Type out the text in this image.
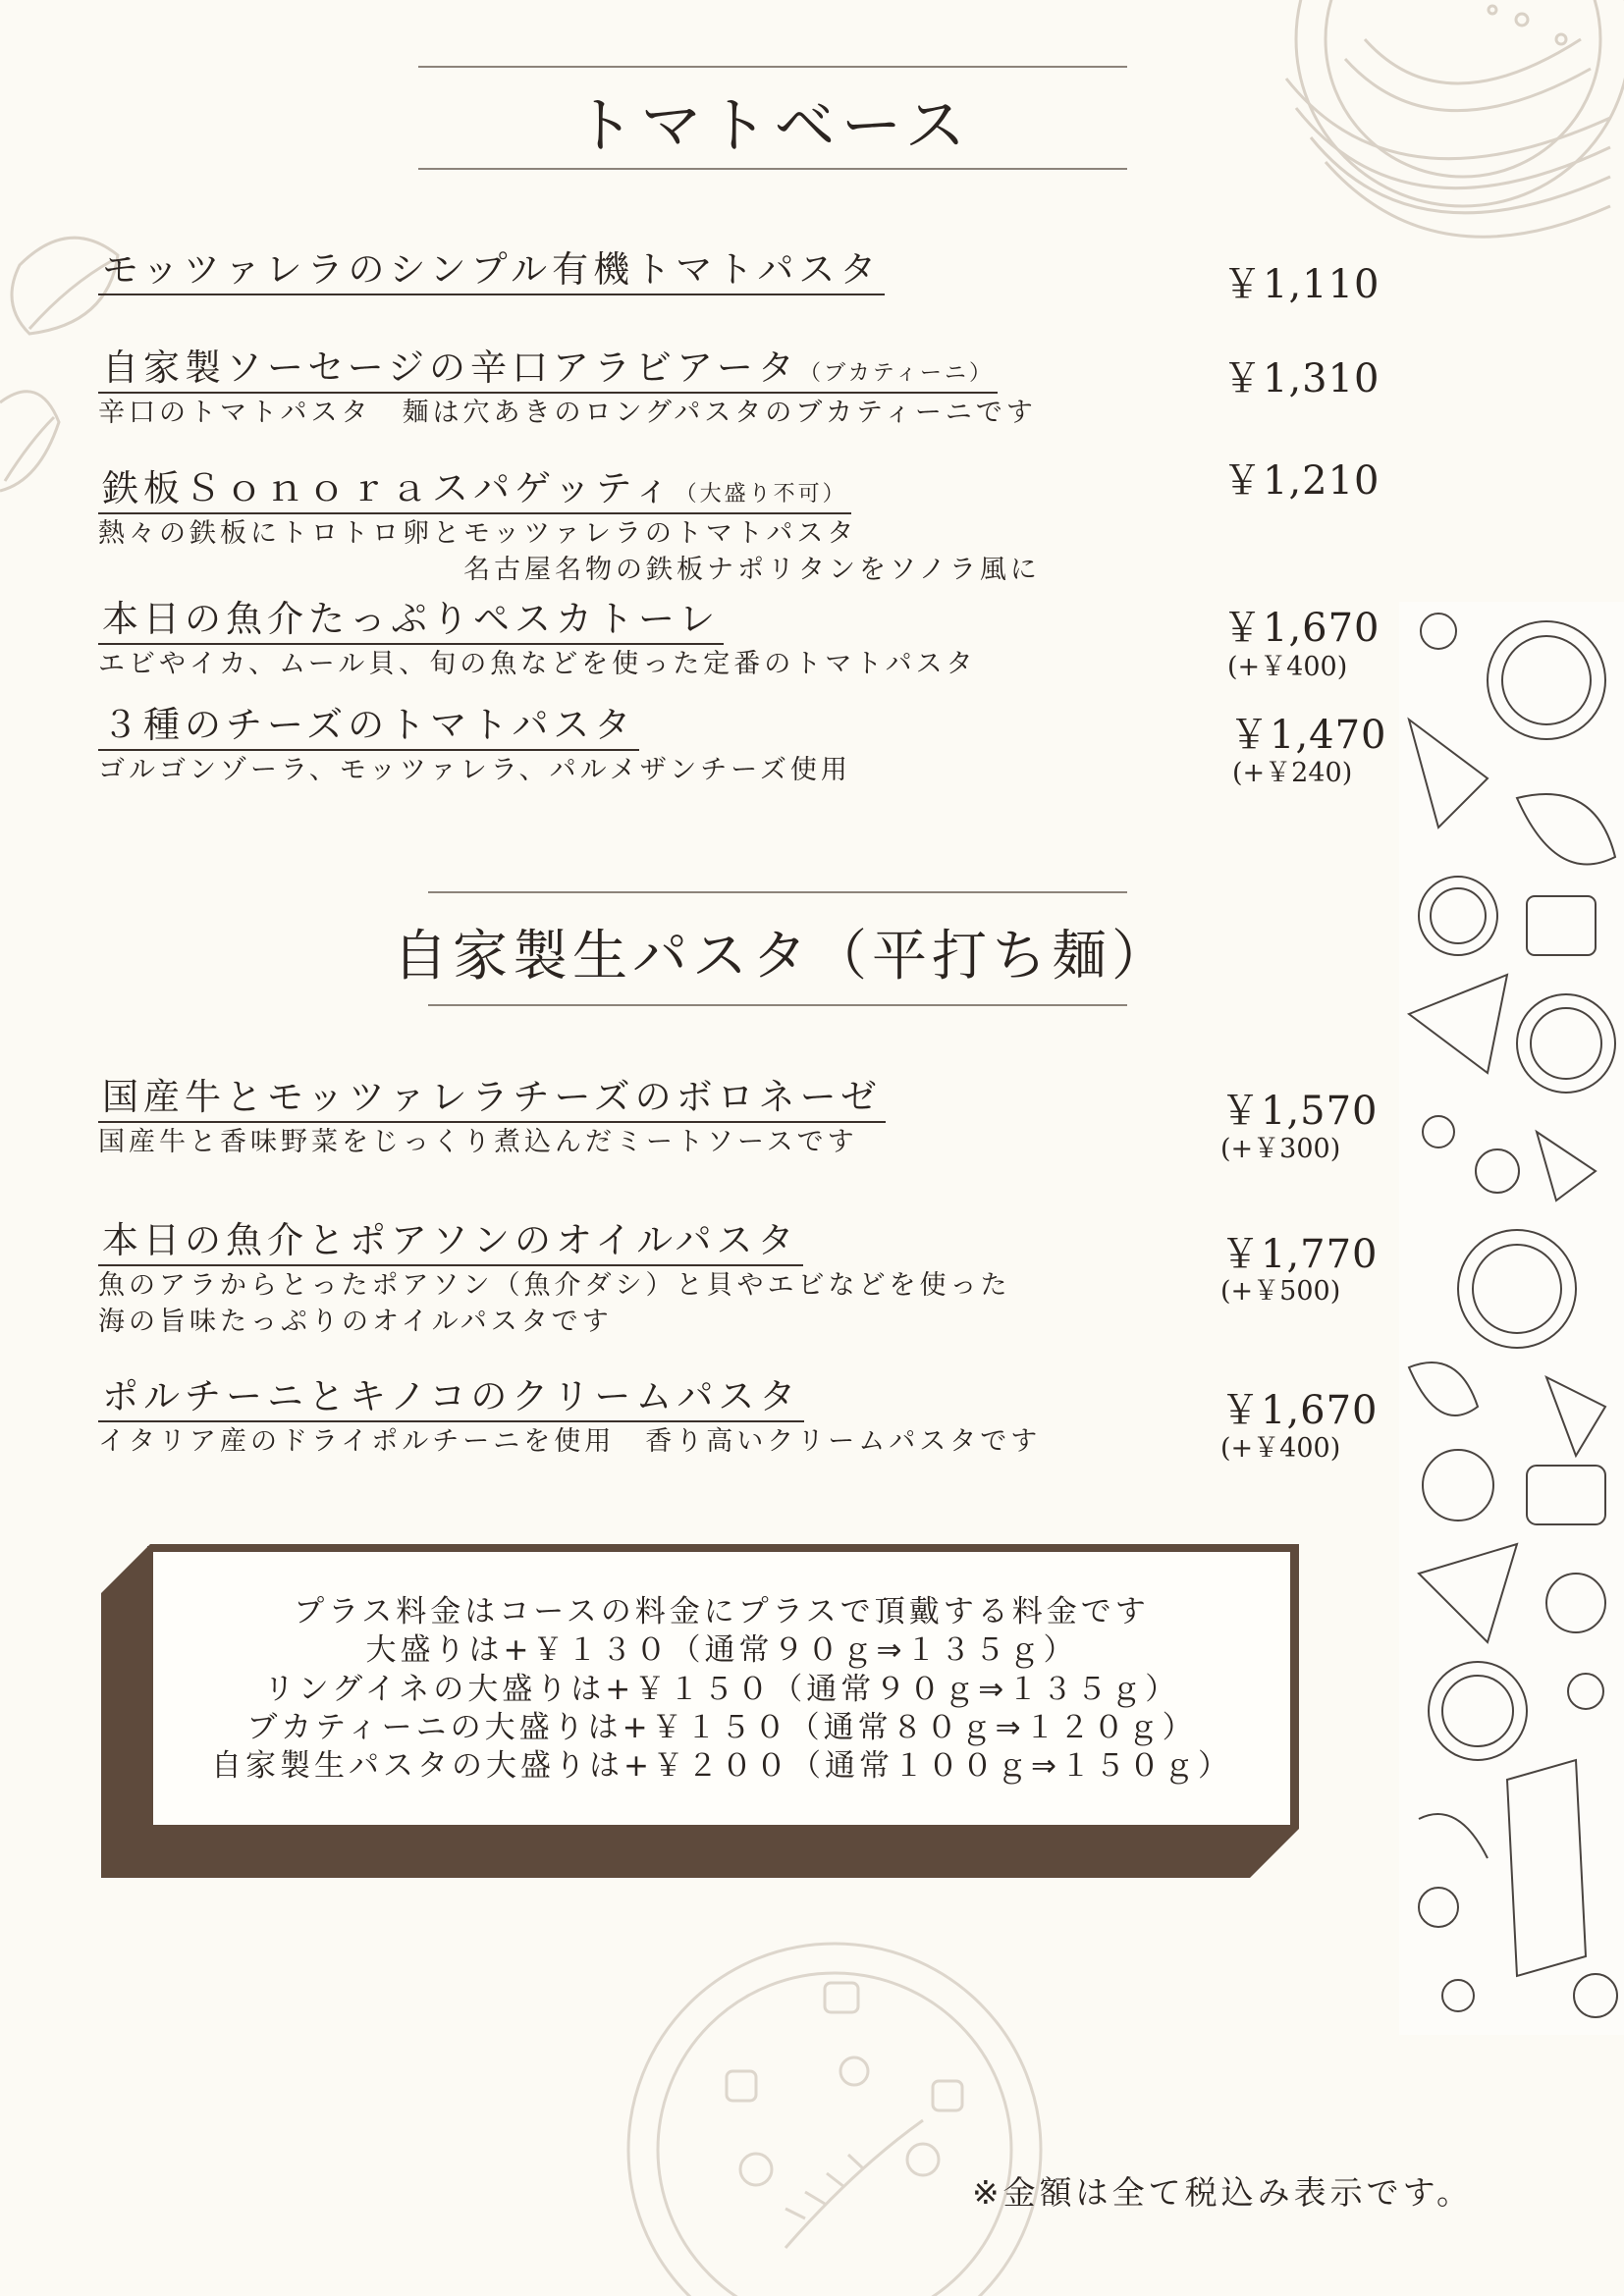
トマトベース
モッツァレラのシンプル有機トマトパスタ	￥1,110
自家製ソーセージの辛口アラビアータ（ブカティーニ）
辛口のトマトパスタ　麺は穴あきのロングパスタのブカティーニです
￥1,310
鉄板Ｓｏｎｏｒａスパゲッティ（大盛り不可）
熱々の鉄板にトロトロ卵とモッツァレラのトマトパスタ
名古屋名物の鉄板ナポリタンをソノラ風に
￥1,210
本日の魚介たっぷりペスカトーレ
エビやイカ、ムール貝、旬の魚などを使った定番のトマトパスタ
￥1,670
(+￥400)
３種のチーズのトマトパスタ
ゴルゴンゾーラ、モッツァレラ、パルメザンチーズ使用
￥1,470
(+￥240)
自家製生パスタ（平打ち麺）
国産牛とモッツァレラチーズのボロネーゼ
国産牛と香味野菜をじっくり煮込んだミートソースです
￥1,570
(+￥300)
本日の魚介とポアソンのオイルパスタ
魚のアラからとったポアソン（魚介ダシ）と貝やエビなどを使った
海の旨味たっぷりのオイルパスタです
￥1,770
(+￥500)
ポルチーニとキノコのクリームパスタ
イタリア産のドライポルチーニを使用　香り高いクリームパスタです
￥1,670
(+￥400)
プラス料金はコースの料金にプラスで頂戴する料金です
大盛りは+￥１３０（通常９０ｇ⇒１３５ｇ）
リングイネの大盛りは+￥１５０（通常９０ｇ⇒１３５ｇ）
ブカティーニの大盛りは+￥１５０（通常８０ｇ⇒１２０ｇ）
自家製生パスタの大盛りは+￥２００（通常１００ｇ⇒１５０ｇ）
※金額は全て税込み表示です。
